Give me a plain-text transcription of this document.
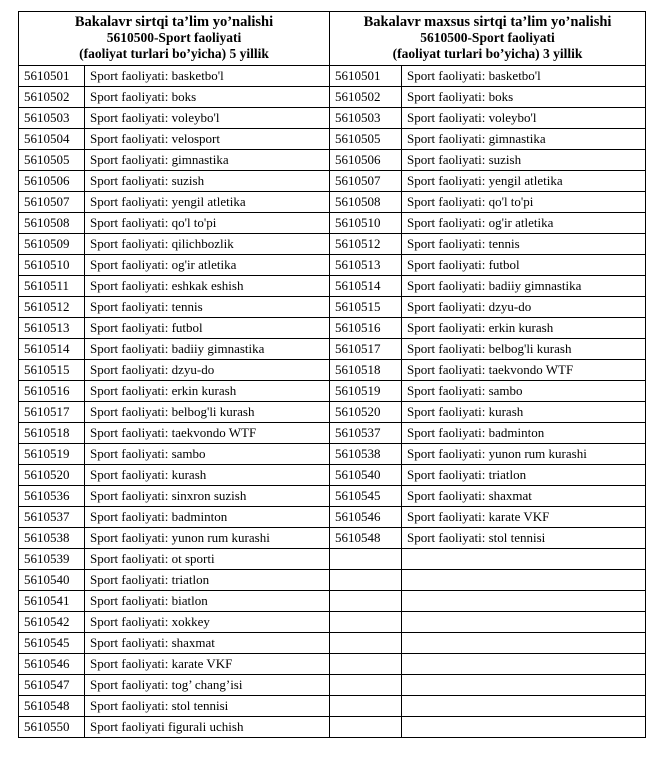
Bakalavr sirtqi ta’lim yo’nalishi
5610500-Sport faoliyati
(faoliyat turlari bo’yicha) 5 yillik		Bakalavr maxsus sirtqi ta’lim yo’nalishi
5610500-Sport faoliyati
(faoliyat turlari bo’yicha) 3 yillik	

5610501	Sport faoliyati: basketbo'l	5610501	Sport faoliyati: basketbo'l
5610502	Sport faoliyati: boks	5610502	Sport faoliyati: boks
5610503	Sport faoliyati: voleybo'l	5610503	Sport faoliyati: voleybo'l
5610504	Sport faoliyati: velosport	5610505	Sport faoliyati: gimnastika
5610505	Sport faoliyati: gimnastika	5610506	Sport faoliyati: suzish
5610506	Sport faoliyati: suzish	5610507	Sport faoliyati: yengil atletika
5610507	Sport faoliyati: yengil atletika	5610508	Sport faoliyati: qo'l to'pi
5610508	Sport faoliyati: qo'l to'pi	5610510	Sport faoliyati: og'ir atletika
5610509	Sport faoliyati: qilichbozlik	5610512	Sport faoliyati: tennis
5610510	Sport faoliyati: og'ir atletika	5610513	Sport faoliyati: futbol
5610511	Sport faoliyati: eshkak eshish	5610514	Sport faoliyati: badiiy gimnastika
5610512	Sport faoliyati: tennis	5610515	Sport faoliyati: dzyu-do
5610513	Sport faoliyati: futbol	5610516	Sport faoliyati: erkin kurash
5610514	Sport faoliyati: badiiy gimnastika	5610517	Sport faoliyati: belbog'li kurash
5610515	Sport faoliyati: dzyu-do	5610518	Sport faoliyati: taekvondo WTF
5610516	Sport faoliyati: erkin kurash	5610519	Sport faoliyati: sambo
5610517	Sport faoliyati: belbog'li kurash	5610520	Sport faoliyati: kurash
5610518	Sport faoliyati: taekvondo WTF	5610537	Sport faoliyati: badminton
5610519	Sport faoliyati: sambo	5610538	Sport faoliyati: yunon rum kurashi
5610520	Sport faoliyati: kurash	5610540	Sport faoliyati: triatlon
5610536	Sport faoliyati: sinxron suzish	5610545	Sport faoliyati: shaxmat
5610537	Sport faoliyati: badminton	5610546	Sport faoliyati: karate VKF
5610538	Sport faoliyati: yunon rum kurashi	5610548	Sport faoliyati: stol tennisi
5610539	Sport faoliyati: ot sporti		
5610540	Sport faoliyati: triatlon		
5610541	Sport faoliyati: biatlon		
5610542	Sport faoliyati: xokkey		
5610545	Sport faoliyati: shaxmat		
5610546	Sport faoliyati: karate VKF		
5610547	Sport faoliyati: tog’ chang’isi		
5610548	Sport faoliyati: stol tennisi		
5610550	Sport faoliyati figurali uchish		
